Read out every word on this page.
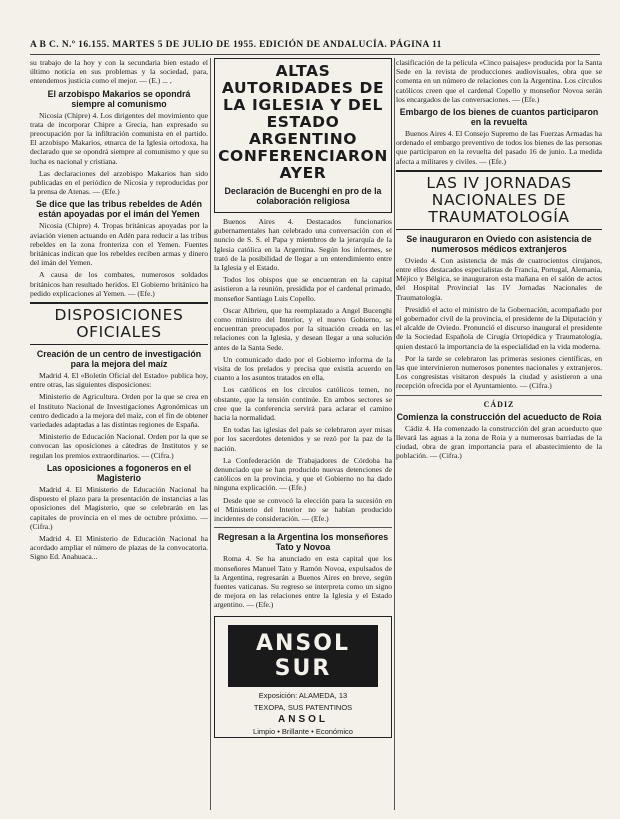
A B C. N.º 16.155. MARTES 5 DE JULIO DE 1955. EDICIÓN DE ANDALUCÍA. PÁGINA 11

su trabajo de la hoy y con la secundaria bien estado el último noticia en sus problemas y la sociedad, para, entendemos justicia como el mejor. — (E.) ... ,

El arzobispo Makarios se opondrá siempre al comunismo

Nicosia (Chipre) 4. Los dirigentes del movimiento que trata de incorporar Chipre a Grecia, han expresado su preocupación por la infiltración comunista en el partido. El arzobispo Makarios, etnarca de la Iglesia ortodoxa, ha declarado que se opondrá siempre al comunismo y que su lucha es nacional y cristiana.

Las declaraciones del arzobispo Makarios han sido publicadas en el periódico de Nicosia y reproducidas por la prensa de Atenas. — (Efe.)

Se dice que las tribus rebeldes de Adén están apoyadas por el imán del Yemen

Nicosia (Chipre) 4. Tropas británicas apoyadas por la aviación vienen actuando en Adén para reducir a las tribus rebeldes en la zona fronteriza con el Yemen. Fuentes británicas indican que los rebeldes reciben armas y dinero del imán del Yemen.

A causa de los combates, numerosos soldados británicos han resultado heridos. El Gobierno británico ha pedido explicaciones al Yemen. — (Efe.)

DISPOSICIONES OFICIALES
Creación de un centro de investigación para la mejora del maíz

Madrid 4. El «Boletín Oficial del Estado» publica hoy, entre otras, las siguientes disposiciones:

Ministerio de Agricultura. Orden por la que se crea en el Instituto Nacional de Investigaciones Agronómicas un centro dedicado a la mejora del maíz, con el fin de obtener variedades adaptadas a las distintas regiones de España.

Ministerio de Educación Nacional. Orden por la que se convocan las oposiciones a cátedras de Institutos y se regulan los premios extraordinarios. — (Cifra.)

Las oposiciones a fogoneros en el Magisterio

Madrid 4. El Ministerio de Educación Nacional ha dispuesto el plazo para la presentación de instancias a las oposiciones del Magisterio, que se celebrarán en las capitales de provincia en el mes de octubre próximo. — (Cifra.)

Madrid 4. El Ministerio de Educación Nacional ha acordado ampliar el número de plazas de la convocatoria. Signo Ed. Anahuaca...

ALTAS AUTORIDADES DE LA IGLESIA Y DEL ESTADO ARGENTINO CONFERENCIARON AYER
Declaración de Bucenghi en pro de la colaboración religiosa

Buenos Aires 4. Destacados funcionarios gubernamentales han celebrado una conversación con el nuncio de S. S. el Papa y miembros de la jerarquía de la Iglesia católica en la Argentina. Según los informes, se trató de la posibilidad de llegar a un entendimiento entre la Iglesia y el Estado.

Todos los obispos que se encuentran en la capital asistieron a la reunión, presidida por el cardenal primado, monseñor Santiago Luis Copello.

Oscar Albrieu, que ha reemplazado a Angel Bucenghi como ministro del Interior, y el nuevo Gobierno, se encuentran preocupados por la situación creada en las relaciones con la Iglesia, y desean llegar a una solución antes de la Santa Sede.

Un comunicado dado por el Gobierno informa de la visita de los prelados y precisa que existía acuerdo en cuanto a los asuntos tratados en ella.

Los católicos en los círculos católicos temen, no obstante, que la tensión continúe. En ambos sectores se cree que la conferencia servirá para aclarar el camino hacia la normalidad.

En todas las iglesias del país se celebraron ayer misas por los sacerdotes detenidos y se rezó por la paz de la nación.

La Confederación de Trabajadores de Córdoba ha denunciado que se han producido nuevas detenciones de católicos en la provincia, y que el Gobierno no ha dado ninguna explicación. — (Efe.)

Desde que se convocó la elección para la sucesión en el Ministerio del Interior no se habían producido incidentes de consideración. — (Efe.)

Regresan a la Argentina los monseñores Tato y Novoa

Roma 4. Se ha anunciado en esta capital que los monseñores Manuel Tato y Ramón Novoa, expulsados de la Argentina, regresarán a Buenos Aires en breve, según fuentes vaticanas. Su regreso se interpreta como un signo de mejora en las relaciones entre la Iglesia y el Estado argentino. — (Efe.)

ANSOL SUR
Exposición: ALAMEDA, 13
TEXOPA, SUS PATENTINOS
ANSOL
Limpio • Brillante • Económico

clasificación de la película «Cinco paisajes» producida por la Santa Sede en la revista de producciones audiovisuales, obra que se comenta en un número de relaciones con la Argentina. Los círculos católicos creen que el cardenal Copello y monseñor Novoa serán los encargados de las conversaciones. — (Efe.)

Embargo de los bienes de cuantos participaron en la revuelta

Buenos Aires 4. El Consejo Supremo de las Fuerzas Armadas ha ordenado el embargo preventivo de todos los bienes de las personas que participaron en la revuelta del pasado 16 de junio. La medida afecta a militares y civiles. — (Efe.)

LAS IV JORNADAS NACIONALES DE TRAUMATOLOGÍA
Se inauguraron en Oviedo con asistencia de numerosos médicos extranjeros

Oviedo 4. Con asistencia de más de cuatrocientos cirujanos, entre ellos destacados especialistas de Francia, Portugal, Alemania, Méjico y Bélgica, se inauguraron esta mañana en el salón de actos del Hospital Provincial las IV Jornadas Nacionales de Traumatología.

Presidió el acto el ministro de la Gobernación, acompañado por el gobernador civil de la provincia, el presidente de la Diputación y el alcalde de Oviedo. Pronunció el discurso inaugural el presidente de la Sociedad Española de Cirugía Ortopédica y Traumatología, quien destacó la importancia de la especialidad en la vida moderna.

Por la tarde se celebraron las primeras sesiones científicas, en las que intervinieron numerosos ponentes nacionales y extranjeros. Los congresistas visitaron después la ciudad y asistieron a una recepción ofrecida por el Ayuntamiento. — (Cifra.)

CÁDIZ
Comienza la construcción del acueducto de Roia

Cádiz 4. Ha comenzado la construcción del gran acueducto que llevará las aguas a la zona de Roia y a numerosas barriadas de la ciudad, obra de gran importancia para el abastecimiento de la población. — (Cifra.)
